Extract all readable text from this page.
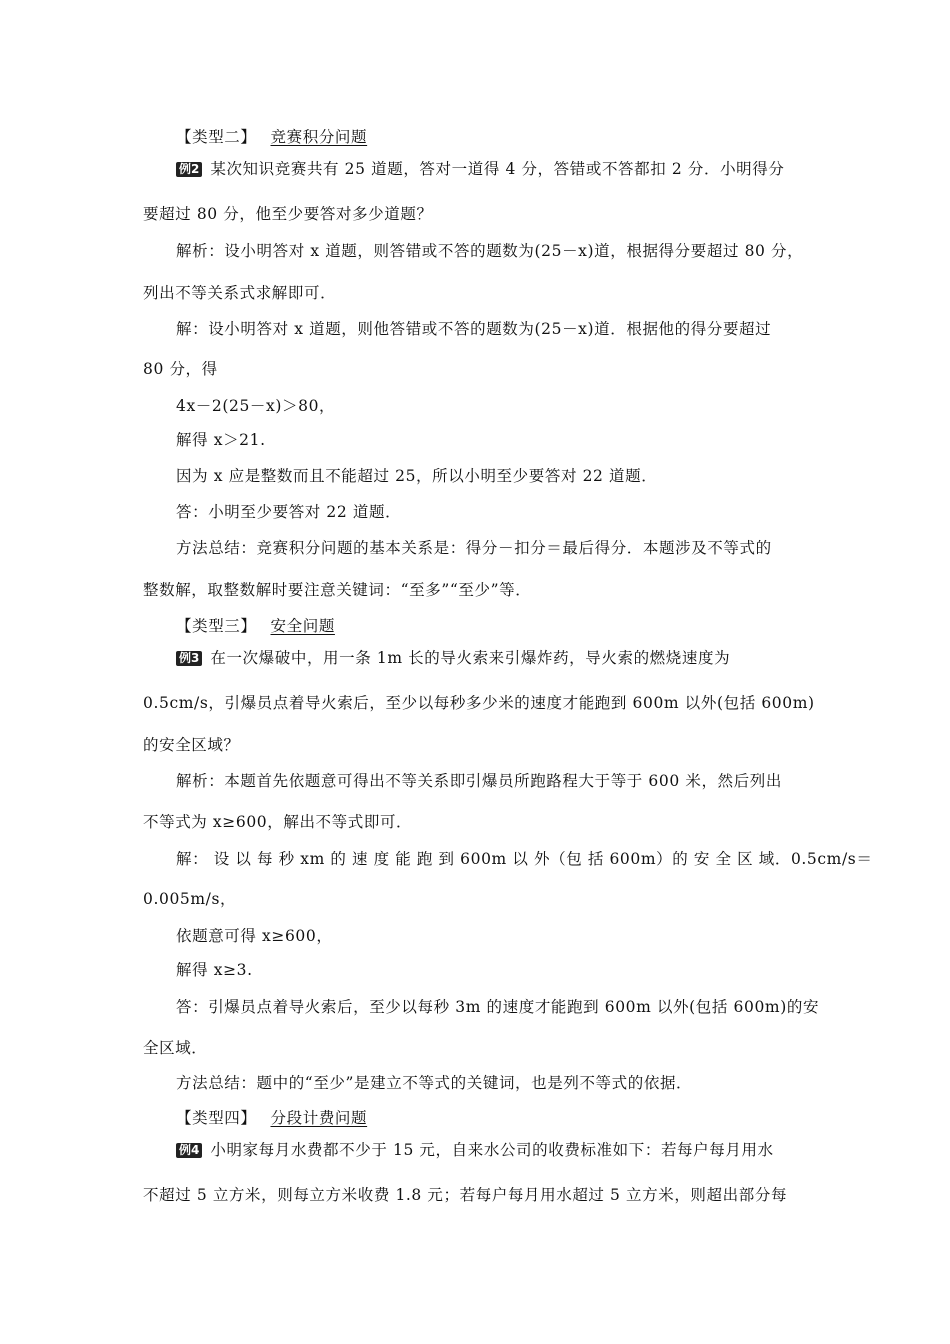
【类型二】 竞赛积分问题
例2 某次知识竞赛共有 25 道题，答对一道得 4 分，答错或不答都扣 2 分．小明得分
要超过 80 分，他至少要答对多少道题？
解析：设小明答对 x 道题，则答错或不答的题数为(25－x)道，根据得分要超过 80 分，
列出不等关系式求解即可．
解：设小明答对 x 道题，则他答错或不答的题数为(25－x)道．根据他的得分要超过
80 分，得
4x－2(25－x)＞80，
解得 x＞21.
因为 x 应是整数而且不能超过 25，所以小明至少要答对 22 道题．
答：小明至少要答对 22 道题．
方法总结：竞赛积分问题的基本关系是：得分－扣分＝最后得分．本题涉及不等式的
整数解，取整数解时要注意关键词：“至多”“至少”等．
【类型三】 安全问题
例3 在一次爆破中，用一条 1m 长的导火索来引爆炸药，导火索的燃烧速度为
0.5cm/s，引爆员点着导火索后，至少以每秒多少米的速度才能跑到 600m 以外(包括 600m)
的安全区域？
解析：本题首先依题意可得出不等关系即引爆员所跑路程大于等于 600 米，然后列出
不等式为 x≥600，解出不等式即可．
解： 设 以 每 秒 xm 的 速 度 能 跑 到 600m 以 外（包 括 600m）的 安 全 区 域．0.5cm/s＝
0.005m/s，
依题意可得 x≥600，
解得 x≥3.
答：引爆员点着导火索后，至少以每秒 3m 的速度才能跑到 600m 以外(包括 600m)的安
全区域．
方法总结：题中的“至少”是建立不等式的关键词，也是列不等式的依据．
【类型四】 分段计费问题
例4 小明家每月水费都不少于 15 元，自来水公司的收费标准如下：若每户每月用水
不超过 5 立方米，则每立方米收费 1.8 元；若每户每月用水超过 5 立方米，则超出部分每
